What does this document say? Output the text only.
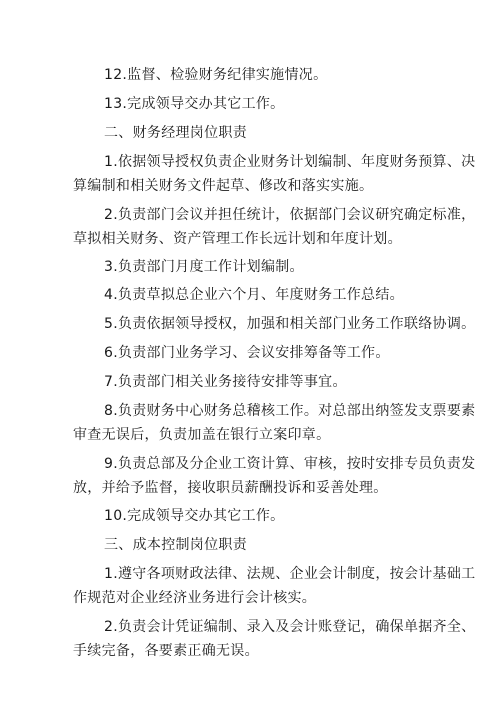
12.监督、检验财务纪律实施情况。
13.完成领导交办其它工作。
二、财务经理岗位职责
1.依据领导授权负责企业财务计划编制、年度财务预算、决
算编制和相关财务文件起草、修改和落实实施。
2.负责部门会议并担任统计，依据部门会议研究确定标准，
草拟相关财务、资产管理工作长远计划和年度计划。
3.负责部门月度工作计划编制。
4.负责草拟总企业六个月、年度财务工作总结。
5.负责依据领导授权，加强和相关部门业务工作联络协调。
6.负责部门业务学习、会议安排筹备等工作。
7.负责部门相关业务接待安排等事宜。
8.负责财务中心财务总稽核工作。对总部出纳签发支票要素
审查无误后，负责加盖在银行立案印章。
9.负责总部及分企业工资计算、审核，按时安排专员负责发
放，并给予监督，接收职员薪酬投诉和妥善处理。
10.完成领导交办其它工作。
三、成本控制岗位职责
1.遵守各项财政法律、法规、企业会计制度，按会计基础工
作规范对企业经济业务进行会计核实。
2.负责会计凭证编制、录入及会计账登记，确保单据齐全、
手续完备，各要素正确无误。
